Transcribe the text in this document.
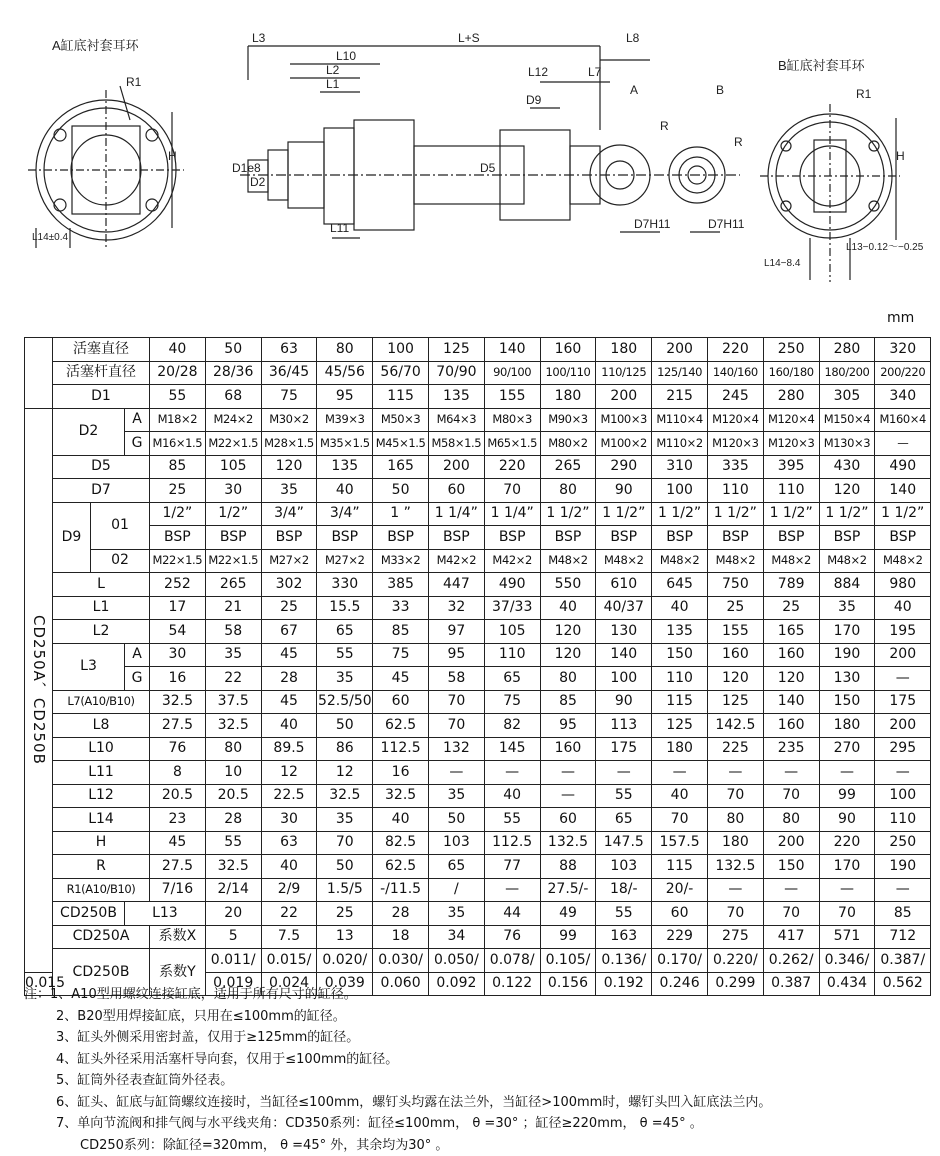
A缸底衬套耳环
B缸底衬套耳环
R1
R1
L3	L+S	L8
L10
L2
L1
L12	L7
D9
A	B
R
R
H	H
D1e8
D2
D5
L11	D7H11	D7H11
L14±0.4
L14−8.4
L13−0.12～−0.25
mm
	活塞直径			40	50	63	80	100	125	140	160	180	200	220	250	280	320	
	活塞杆直径			20/28	28/36	36/45	45/56	56/70	70/90	90/100	100/110	110/125	125/140	140/160	160/180	180/200	200/220	
	D1			55	68	75	95	115	135	155	180	200	215	245	280	305	340	
CD250A、CD250B	D2		A	M18×2	M24×2	M30×2	M39×3	M50×3	M64×3	M80×3	M90×3	M100×3	M110×4	M120×4	M120×4	M150×4	M160×4	
			G	M16×1.5	M22×1.5	M28×1.5	M35×1.5	M45×1.5	M58×1.5	M65×1.5	M80×2	M100×2	M110×2	M120×3	M120×3	M130×3	—	
	D5			85	105	120	135	165	200	220	265	290	310	335	395	430	490	
	D7			25	30	35	40	50	60	70	80	90	100	110	110	120	140	
	D9	01		1/2”	1/2”	3/4”	3/4”	1 ”	1 1/4”	1 1/4”	1 1/2”	1 1/2”	1 1/2”	1 1/2”	1 1/2”	1 1/2”	1 1/2”	
				BSP	BSP	BSP	BSP	BSP	BSP	BSP	BSP	BSP	BSP	BSP	BSP	BSP	BSP	
		02		M22×1.5	M22×1.5	M27×2	M27×2	M33×2	M42×2	M42×2	M48×2	M48×2	M48×2	M48×2	M48×2	M48×2	M48×2	
	L			252	265	302	330	385	447	490	550	610	645	750	789	884	980	
	L1			17	21	25	15.5	33	32	37/33	40	40/37	40	25	25	35	40	
	L2			54	58	67	65	85	97	105	120	130	135	155	165	170	195	
	L3		A	30	35	45	55	75	95	110	120	140	150	160	160	190	200	
			G	16	22	28	35	45	58	65	80	100	110	120	120	130	—	
	L7(A10/B10)			32.5	37.5	45	52.5/50	60	70	75	85	90	115	125	140	150	175	
	L8			27.5	32.5	40	50	62.5	70	82	95	113	125	142.5	160	180	200	
	L10			76	80	89.5	86	112.5	132	145	160	175	180	225	235	270	295	
	L11			8	10	12	12	16	—	—	—	—	—	—	—	—	—	
	L12			20.5	20.5	22.5	32.5	32.5	35	40	—	55	40	70	70	99	100	
	L14			23	28	30	35	40	50	55	60	65	70	80	80	90	110	
	H			45	55	63	70	82.5	103	112.5	132.5	147.5	157.5	180	200	220	250	
	R			27.5	32.5	40	50	62.5	65	77	88	103	115	132.5	150	170	190	
	R1(A10/B10)			7/16	2/14	2/9	1.5/5	-/11.5	/	—	27.5/-	18/-	20/-	—	—	—	—	
	CD250B		L13		20	22	25	28	35	44	49	55	60	70	70	70	85	
	CD250A			系数X	5	7.5	13	18	34	76	99	163	229	275	417	571	712	
	CD250B			系数Y	0.011/	0.015/	0.020/	0.030/	0.050/	0.078/	0.105/	0.136/	0.170/	0.220/	0.262/	0.346/	0.387/	
0.015					0.019	0.024	0.039	0.060	0.092	0.122	0.156	0.192	0.246	0.299	0.387	0.434	0.562	
注：1、A10型用螺纹连接缸底，适用于所有尺寸的缸径。
2、B20型用焊接缸底，只用在≤100mm的缸径。
3、缸头外侧采用密封盖，仅用于≥125mm的缸径。
4、缸头外径采用活塞杆导向套，仅用于≤100mm的缸径。
5、缸筒外径表查缸筒外径表。
6、缸头、缸底与缸筒螺纹连接时，当缸径≤100mm，螺钉头均露在法兰外，当缸径>100mm时，螺钉头凹入缸底法兰内。
7、单向节流阀和排气阀与水平线夹角：CD350系列：缸径≤100mm， θ =30° ；缸径≥220mm， θ =45° 。
CD250系列：除缸径=320mm， θ =45° 外，其余均为30° 。
